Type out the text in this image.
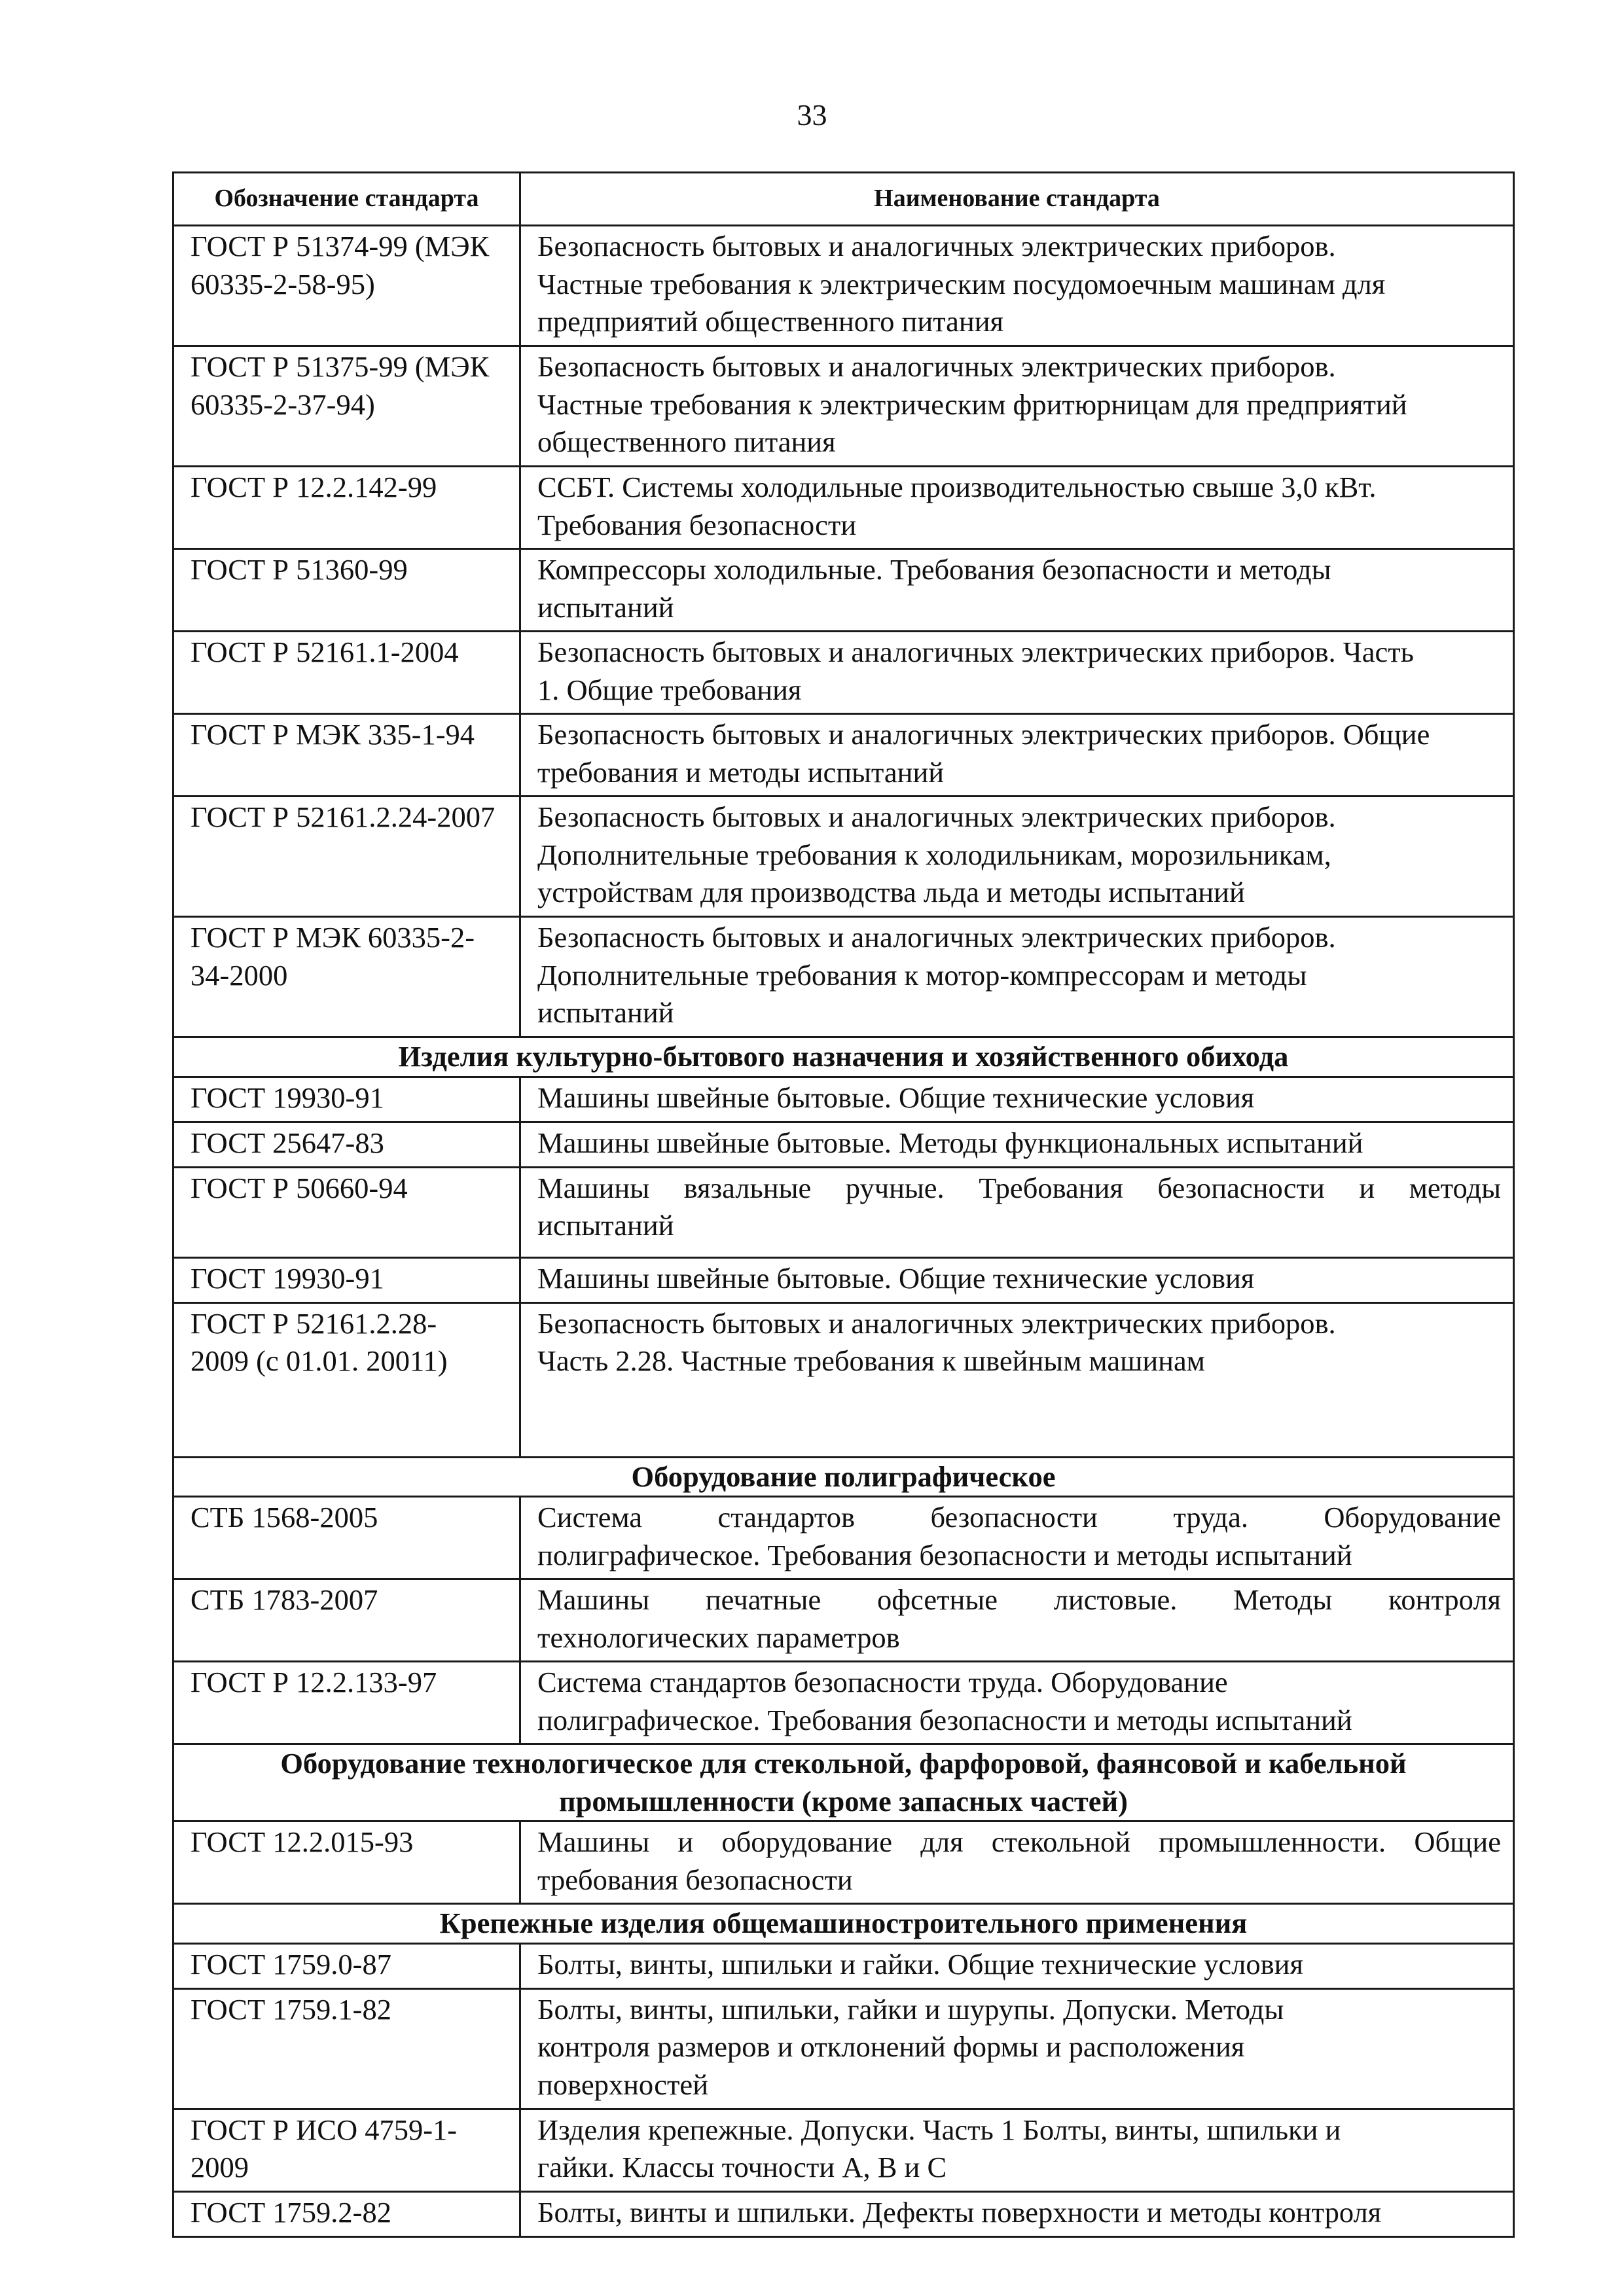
33
Обозначение стандарта	Наименование стандарта
ГОСТ Р 51374-99 (МЭК
60335-2-58-95)	Безопасность бытовых и аналогичных электрических приборов.
Частные требования к электрическим посудомоечным машинам для
предприятий общественного питания
ГОСТ Р 51375-99 (МЭК
60335-2-37-94)	Безопасность бытовых и аналогичных электрических приборов.
Частные требования к электрическим фритюрницам для предприятий
общественного питания
ГОСТ Р 12.2.142-99	ССБТ. Системы холодильные производительностью свыше 3,0 кВт.
Требования безопасности
ГОСТ Р 51360-99	Компрессоры холодильные. Требования безопасности и методы
испытаний
ГОСТ Р 52161.1-2004	Безопасность бытовых и аналогичных электрических приборов. Часть
1. Общие требования
ГОСТ Р МЭК 335-1-94	Безопасность бытовых и аналогичных электрических приборов. Общие
требования и методы испытаний
ГОСТ Р 52161.2.24-2007	Безопасность бытовых и аналогичных электрических приборов.
Дополнительные требования к холодильникам, морозильникам,
устройствам для производства льда и методы испытаний
ГОСТ Р МЭК 60335-2-
34-2000	Безопасность бытовых и аналогичных электрических приборов.
Дополнительные требования к мотор-компрессорам и методы
испытаний
Изделия культурно-бытового назначения и хозяйственного обихода	
ГОСТ 19930-91	Машины швейные бытовые. Общие технические условия
ГОСТ 25647-83	Машины швейные бытовые. Методы функциональных испытаний
ГОСТ Р 50660-94	Машины вязальные ручные. Требования безопасности и методы
испытаний

ГОСТ 19930-91	Машины швейные бытовые. Общие технические условия
ГОСТ Р 52161.2.28-
2009 (с 01.01. 20011)	Безопасность бытовых и аналогичных электрических приборов.
Часть 2.28. Частные требования к швейным машинам
Оборудование полиграфическое	
СТБ 1568-2005	Система стандартов безопасности труда. Оборудование
полиграфическое. Требования безопасности и методы испытаний

СТБ 1783-2007	Машины печатные офсетные листовые. Методы контроля
технологических параметров

ГОСТ Р 12.2.133-97	Система стандартов безопасности труда. Оборудование
полиграфическое. Требования безопасности и методы испытаний
Оборудование технологическое для стекольной, фарфоровой, фаянсовой и кабельной
промышленности (кроме запасных частей)	
ГОСТ 12.2.015-93	Машины и оборудование для стекольной промышленности. Общие
требования безопасности

Крепежные изделия общемашиностроительного применения	
ГОСТ 1759.0-87	Болты, винты, шпильки и гайки. Общие технические условия
ГОСТ 1759.1-82	Болты, винты, шпильки, гайки и шурупы. Допуски. Методы
контроля размеров и отклонений формы и расположения
поверхностей
ГОСТ Р ИСО 4759-1-
2009	Изделия крепежные. Допуски. Часть 1 Болты, винты, шпильки и
гайки. Классы точности А, В и С
ГОСТ 1759.2-82	Болты, винты и шпильки. Дефекты поверхности и методы контроля
